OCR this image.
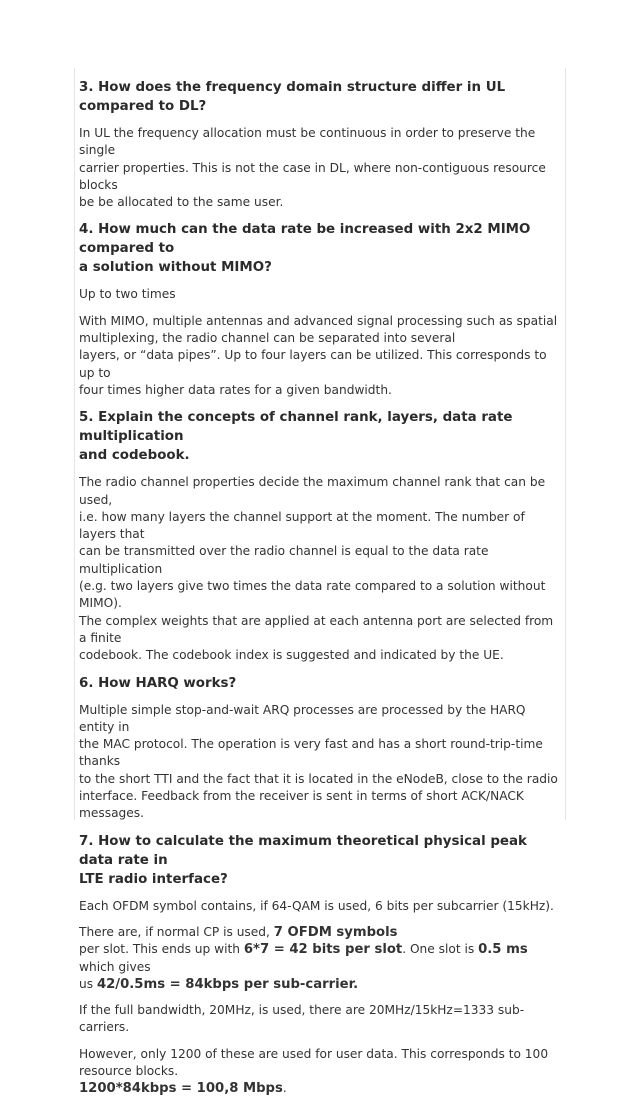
3. How does the frequency domain structure differ in UL compared to DL?

In UL the frequency allocation must be continuous in order to preserve the single
carrier properties. This is not the case in DL, where non-contiguous resource blocks
be be allocated to the same user.

4. How much can the data rate be increased with 2x2 MIMO compared to
a solution without MIMO?

Up to two times

With MIMO, multiple antennas and advanced signal processing such as spatial
multiplexing, the radio channel can be separated into several
layers, or “data pipes”. Up to four layers can be utilized. This corresponds to up to
four times higher data rates for a given bandwidth.

5. Explain the concepts of channel rank, layers, data rate multiplication
and codebook.

The radio channel properties decide the maximum channel rank that can be used,
i.e. how many layers the channel support at the moment. The number of layers that
can be transmitted over the radio channel is equal to the data rate multiplication
(e.g. two layers give two times the data rate compared to a solution without MIMO).
The complex weights that are applied at each antenna port are selected from a finite
codebook. The codebook index is suggested and indicated by the UE.

6. How HARQ works?

Multiple simple stop-and-wait ARQ processes are processed by the HARQ entity in
the MAC protocol. The operation is very fast and has a short round-trip-time thanks
to the short TTI and the fact that it is located in the eNodeB, close to the radio
interface. Feedback from the receiver is sent in terms of short ACK/NACK messages.

7. How to calculate the maximum theoretical physical peak data rate in
LTE radio interface?

Each OFDM symbol contains, if 64-QAM is used, 6 bits per subcarrier (15kHz).

There are, if normal CP is used, 7 OFDM symbols
per slot. This ends up with 6*7 = 42 bits per slot. One slot is 0.5 ms which gives
us 42/0.5ms = 84kbps per sub-carrier.

If the full bandwidth, 20MHz, is used, there are 20MHz/15kHz=1333 sub-carriers.

However, only 1200 of these are used for user data. This corresponds to 100
resource blocks.
1200*84kbps = 100,8 Mbps.
